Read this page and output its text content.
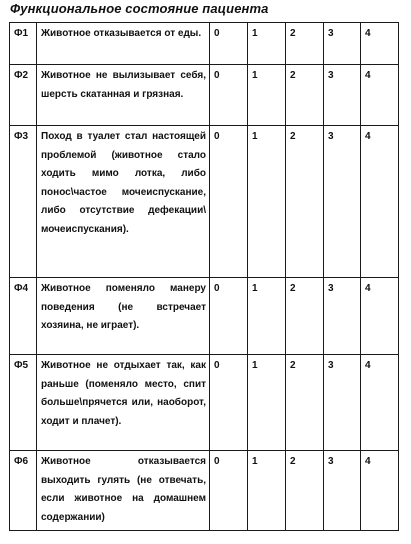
Функциональное состояние пациента
Ф1	Животное отказывается от еды.	0	1	2	3	4
Ф2	Животное не вылизывает себя, шерсть скатанная и грязная.	0	1	2	3	4
Ф3	Поход в туалет стал настоящей проблемой (животное стало ходить мимо лотка, либо понос\частое мочеиспускание, либо отсутствие дефекации\ мочеиспускания).	0	1	2	3	4
Ф4	Животное поменяло манеру поведения (не встречает хозяина, не играет).	0	1	2	3	4
Ф5	Животное не отдыхает так, как раньше (поменяло место, спит больше\прячется или, наоборот, ходит и плачет).	0	1	2	3	4
Ф6	Животное отказывается выходить гулять (не отвечать, если животное на домашнем содержании)	0	1	2	3	4
